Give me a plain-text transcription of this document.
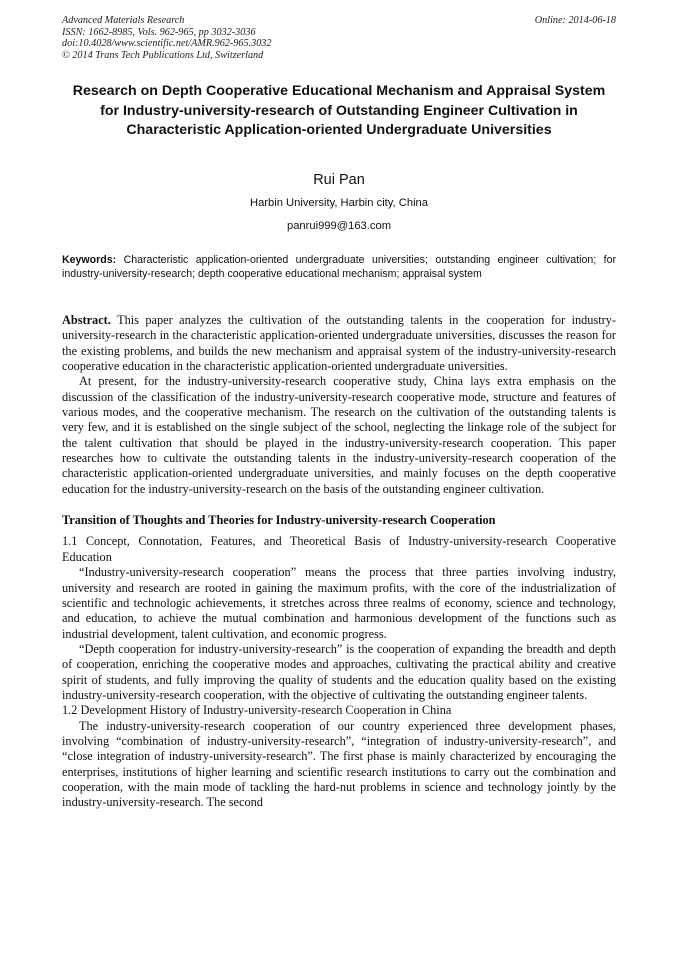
Advanced Materials Research
ISSN: 1662-8985, Vols. 962-965, pp 3032-3036
doi:10.4028/www.scientific.net/AMR.962-965.3032
© 2014 Trans Tech Publications Ltd, Switzerland
Online: 2014-06-18
Research on Depth Cooperative Educational Mechanism and Appraisal System for Industry-university-research of Outstanding Engineer Cultivation in Characteristic Application-oriented Undergraduate Universities
Rui Pan
Harbin University, Harbin city, China
panrui999@163.com
Keywords: Characteristic application-oriented undergraduate universities; outstanding engineer cultivation; for industry-university-research; depth cooperative educational mechanism; appraisal system

Abstract. This paper analyzes the cultivation of the outstanding talents in the cooperation for industry-university-research in the characteristic application-oriented undergraduate universities, discusses the reason for the existing problems, and builds the new mechanism and appraisal system of the industry-university-research cooperative education in the characteristic application-oriented undergraduate universities.

At present, for the industry-university-research cooperative study, China lays extra emphasis on the discussion of the classification of the industry-university-research cooperative mode, structure and features of various modes, and the cooperative mechanism. The research on the cultivation of the outstanding talents is very few, and it is established on the single subject of the school, neglecting the linkage role of the subject for the talent cultivation that should be played in the industry-university-research cooperation. This paper researches how to cultivate the outstanding talents in the industry-university-research cooperation of the characteristic application-oriented undergraduate universities, and mainly focuses on the depth cooperative education for the industry-university-research on the basis of the outstanding engineer cultivation.

Transition of Thoughts and Theories for Industry-university-research Cooperation

1.1 Concept, Connotation, Features, and Theoretical Basis of Industry-university-research Cooperative Education

“Industry-university-research cooperation” means the process that three parties involving industry, university and research are rooted in gaining the maximum profits, with the core of the industrialization of scientific and technologic achievements, it stretches across three realms of economy, science and technology, and education, to achieve the mutual combination and harmonious development of the functions such as industrial development, talent cultivation, and economic progress.

“Depth cooperation for industry-university-research” is the cooperation of expanding the breadth and depth of cooperation, enriching the cooperative modes and approaches, cultivating the practical ability and creative spirit of students, and fully improving the quality of students and the education quality based on the existing industry-university-research cooperation, with the objective of cultivating the outstanding engineer talents.

1.2 Development History of Industry-university-research Cooperation in China

The industry-university-research cooperation of our country experienced three development phases, involving “combination of industry-university-research”, “integration of industry-university-research”, and “close integration of industry-university-research”. The first phase is mainly characterized by encouraging the enterprises, institutions of higher learning and scientific research institutions to carry out the combination and cooperation, with the main mode of tackling the hard-nut problems in science and technology jointly by the industry-university-research. The second
